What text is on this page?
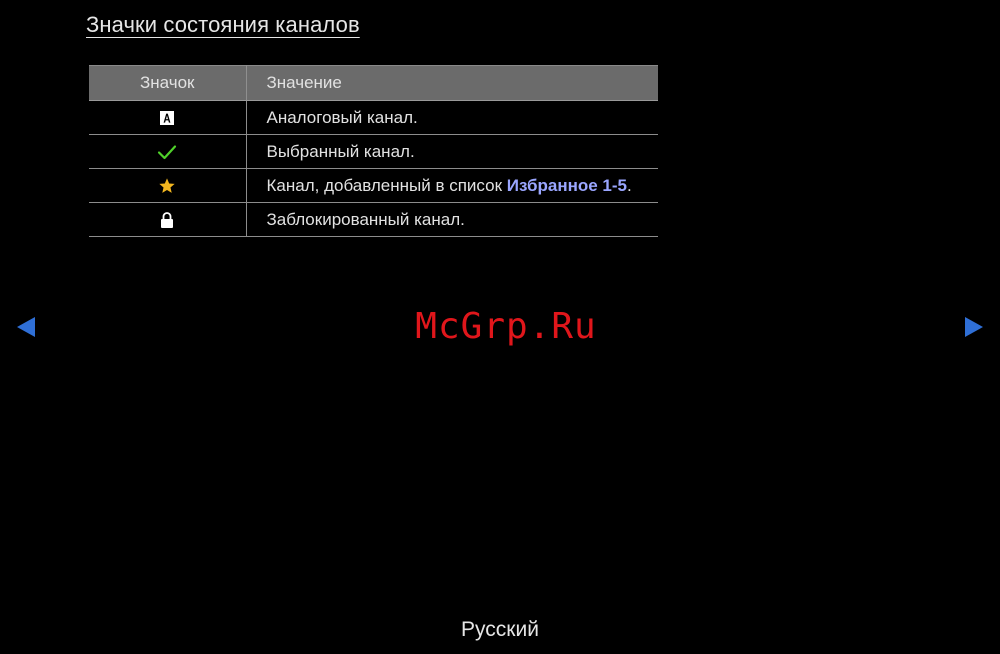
Значки состояния каналов
Значок	Значение
	Аналоговый канал.
	Выбранный канал.
	Канал, добавленный в список Избранное 1-5.
	Заблокированный канал.
McGrp.Ru
Русский
